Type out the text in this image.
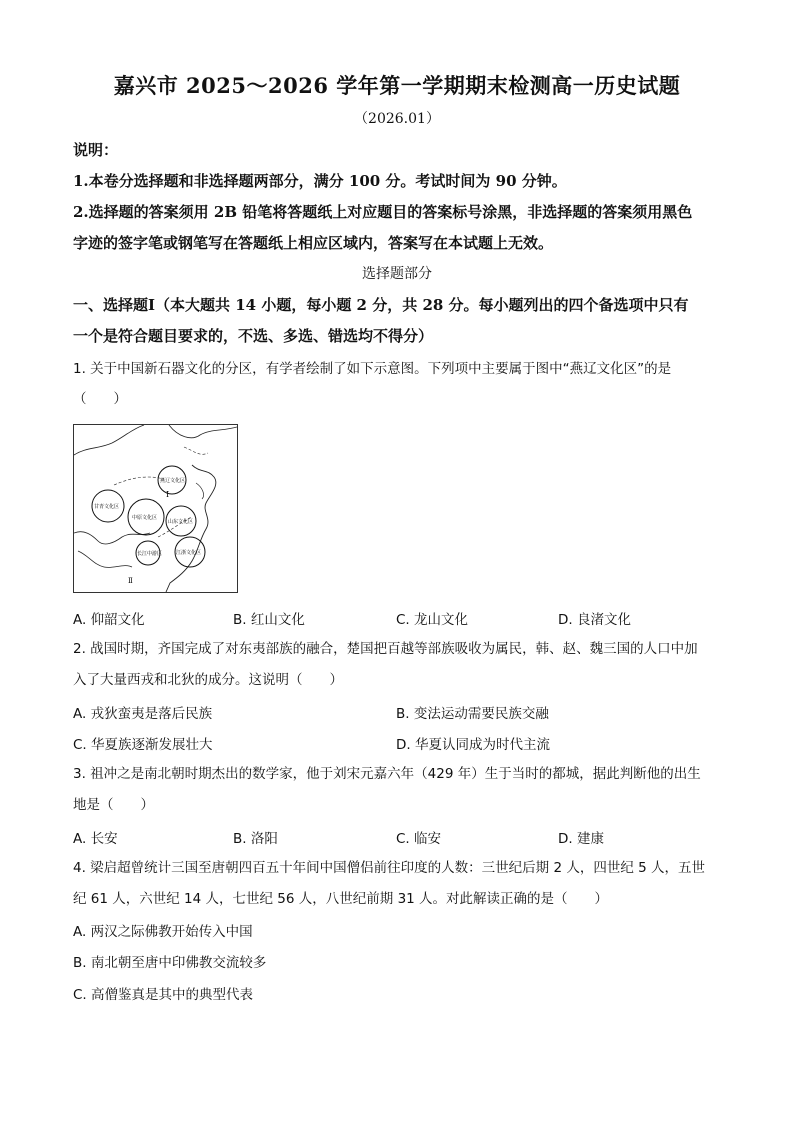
嘉兴市 2025～2026 学年第一学期期末检测高一历史试题
（2026.01）
说明：
1.本卷分选择题和非选择题两部分，满分 100 分。考试时间为 90 分钟。
2.选择题的答案须用 2B 铅笔将答题纸上对应题目的答案标号涂黑，非选择题的答案须用黑色
字迹的签字笔或钢笔写在答题纸上相应区域内，答案写在本试题上无效。
选择题部分
一、选择题Ⅰ（本大题共 14 小题，每小题 2 分，共 28 分。每小题列出的四个备选项中只有
一个是符合题目要求的，不选、多选、错选均不得分）
1. 关于中国新石器文化的分区，有学者绘制了如下示意图。下列项中主要属于图中“燕辽文化区”的是
（　　）
甘青文化区
燕辽文化区
中原文化区
山东文化区
长江中游区	江浙文化区
Ⅰ
Ⅱ
A. 仰韶文化	B. 红山文化	C. 龙山文化	D. 良渚文化
2. 战国时期，齐国完成了对东夷部族的融合，楚国把百越等部族吸收为属民，韩、赵、魏三国的人口中加
入了大量西戎和北狄的成分。这说明（　　）
A. 戎狄蛮夷是落后民族	B. 变法运动需要民族交融
C. 华夏族逐渐发展壮大	D. 华夏认同成为时代主流
3. 祖冲之是南北朝时期杰出的数学家，他于刘宋元嘉六年（429 年）生于当时的都城，据此判断他的出生
地是（　　）
A. 长安	B. 洛阳	C. 临安	D. 建康
4. 梁启超曾统计三国至唐朝四百五十年间中国僧侣前往印度的人数：三世纪后期 2 人，四世纪 5 人，五世
纪 61 人，六世纪 14 人，七世纪 56 人，八世纪前期 31 人。对此解读正确的是（　　）
A. 两汉之际佛教开始传入中国
B. 南北朝至唐中印佛教交流较多
C. 高僧鉴真是其中的典型代表
